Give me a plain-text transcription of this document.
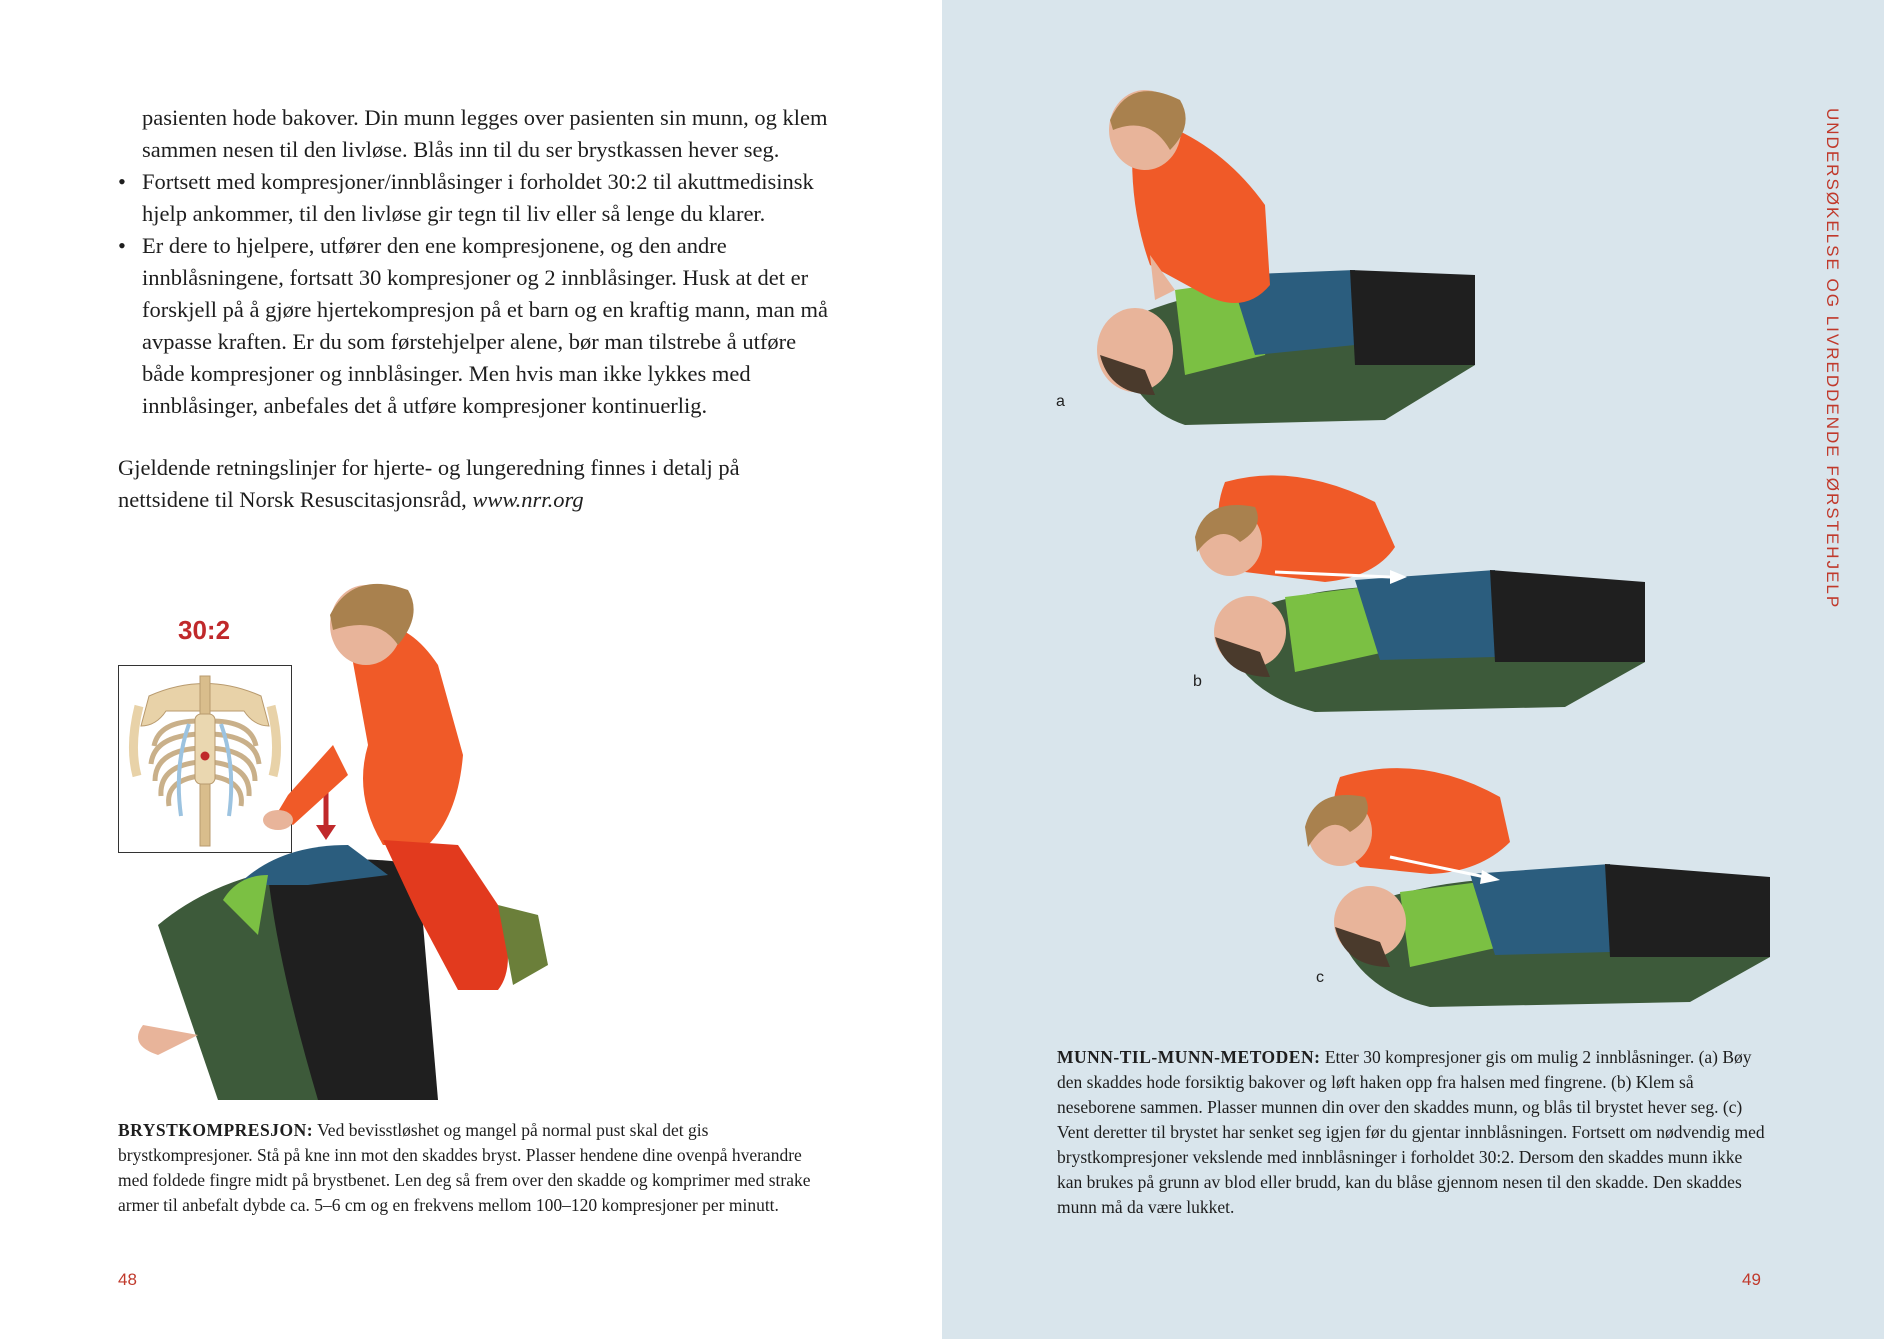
pasienten hode bakover. Din munn legges over pasienten sin munn, og klem sammen nesen til den livløse. Blås inn til du ser brystkassen hever seg.

• Fortsett med kompresjoner/innblåsinger i forholdet 30:2 til akuttmedisinsk hjelp ankommer, til den livløse gir tegn til liv eller så lenge du klarer.

• Er dere to hjelpere, utfører den ene kompresjonene, og den andre innblåsningene, fortsatt 30 kompresjoner og 2 innblåsinger. Husk at det er forskjell på å gjøre hjertekompresjon på et barn og en kraftig mann, man må avpasse kraften. Er du som førstehjelper alene, bør man tilstrebe å utføre både kompresjoner og innblåsinger. Men hvis man ikke lykkes med innblåsinger, anbefales det å utføre kompresjoner kontinuerlig.

Gjeldende retningslinjer for hjerte- og lungeredning finnes i detalj på nettsidene til Norsk Resuscitasjonsråd, www.nrr.org

30:2
BRYSTKOMPRESJON: Ved bevisstløshet og mangel på normal pust skal det gis brystkompresjoner. Stå på kne inn mot den skaddes bryst. Plasser hendene dine ovenpå hverandre med foldede fingre midt på brystbenet. Len deg så frem over den skadde og komprimer med strake armer til anbefalt dybde ca. 5–6 cm og en frekvens mellom 100–120 kompresjoner per minutt.
48
UNDERSØKELSE OG LIVREDDENDE FØRSTEHJELP
a
b
c
MUNN-TIL-MUNN-METODEN: Etter 30 kompresjoner gis om mulig 2 innblåsninger. (a) Bøy den skaddes hode forsiktig bakover og løft haken opp fra halsen med fingrene. (b) Klem så neseborene sammen. Plasser munnen din over den skaddes munn, og blås til brystet hever seg. (c) Vent deretter til brystet har senket seg igjen før du gjentar innblåsningen. Fortsett om nødvendig med brystkompresjoner vekslende med innblåsninger i forholdet 30:2. Dersom den skaddes munn ikke kan brukes på grunn av blod eller brudd, kan du blåse gjennom nesen til den skadde. Den skaddes munn må da være lukket.
49
